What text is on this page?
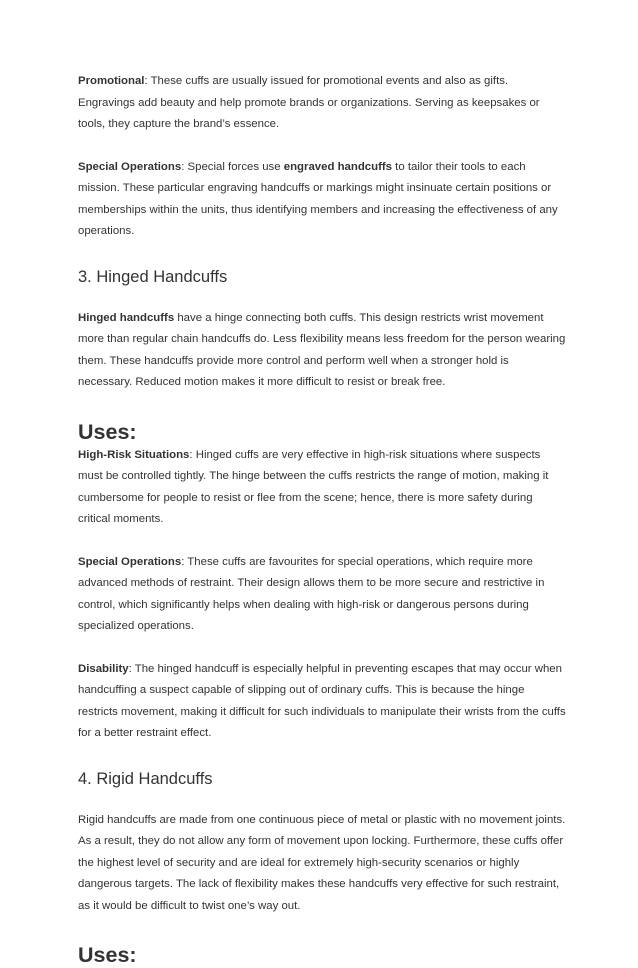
Promotional: These cuffs are usually issued for promotional events and also as gifts. Engravings add beauty and help promote brands or organizations. Serving as keepsakes or tools, they capture the brand’s essence.

Special Operations: Special forces use engraved handcuffs to tailor their tools to each mission. These particular engraving handcuffs or markings might insinuate certain positions or memberships within the units, thus identifying members and increasing the effectiveness of any operations.

3. Hinged Handcuffs

Hinged handcuffs have a hinge connecting both cuffs. This design restricts wrist movement more than regular chain handcuffs do. Less flexibility means less freedom for the person wearing them. These handcuffs provide more control and perform well when a stronger hold is necessary. Reduced motion makes it more difficult to resist or break free.

Uses:

High-Risk Situations: Hinged cuffs are very effective in high-risk situations where suspects must be controlled tightly. The hinge between the cuffs restricts the range of motion, making it cumbersome for people to resist or flee from the scene; hence, there is more safety during critical moments.

Special Operations: These cuffs are favourites for special operations, which require more advanced methods of restraint. Their design allows them to be more secure and restrictive in control, which significantly helps when dealing with high-risk or dangerous persons during specialized operations.

Disability: The hinged handcuff is especially helpful in preventing escapes that may occur when handcuffing a suspect capable of slipping out of ordinary cuffs. This is because the hinge restricts movement, making it difficult for such individuals to manipulate their wrists from the cuffs for a better restraint effect.

4. Rigid Handcuffs

Rigid handcuffs are made from one continuous piece of metal or plastic with no movement joints. As a result, they do not allow any form of movement upon locking. Furthermore, these cuffs offer the highest level of security and are ideal for extremely high-security scenarios or highly dangerous targets. The lack of flexibility makes these handcuffs very effective for such restraint, as it would be difficult to twist one’s way out.

Uses:
